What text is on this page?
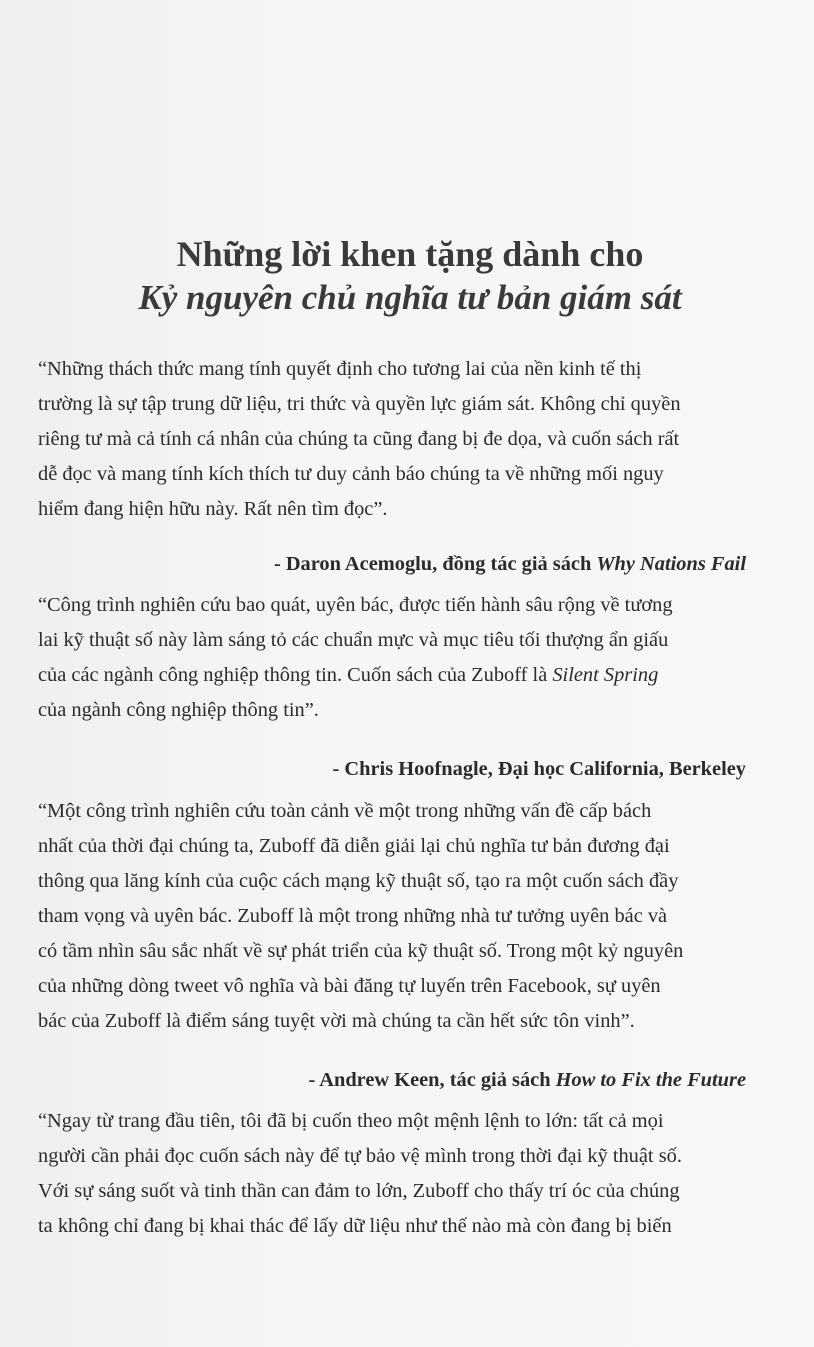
Những lời khen tặng dành cho
Kỷ nguyên chủ nghĩa tư bản giám sát
“Những thách thức mang tính quyết định cho tương lai của nền kinh tế thị
trường là sự tập trung dữ liệu, tri thức và quyền lực giám sát. Không chỉ quyền
riêng tư mà cả tính cá nhân của chúng ta cũng đang bị đe dọa, và cuốn sách rất
dễ đọc và mang tính kích thích tư duy cảnh báo chúng ta về những mối nguy
hiểm đang hiện hữu này. Rất nên tìm đọc”.
- Daron Acemoglu, đồng tác giả sách Why Nations Fail
“Công trình nghiên cứu bao quát, uyên bác, được tiến hành sâu rộng về tương
lai kỹ thuật số này làm sáng tỏ các chuẩn mực và mục tiêu tối thượng ẩn giấu
của các ngành công nghiệp thông tin. Cuốn sách của Zuboff là Silent Spring
của ngành công nghiệp thông tin”.
- Chris Hoofnagle, Đại học California, Berkeley
“Một công trình nghiên cứu toàn cảnh về một trong những vấn đề cấp bách
nhất của thời đại chúng ta, Zuboff đã diễn giải lại chủ nghĩa tư bản đương đại
thông qua lăng kính của cuộc cách mạng kỹ thuật số, tạo ra một cuốn sách đầy
tham vọng và uyên bác. Zuboff là một trong những nhà tư tưởng uyên bác và
có tầm nhìn sâu sắc nhất về sự phát triển của kỹ thuật số. Trong một kỷ nguyên
của những dòng tweet vô nghĩa và bài đăng tự luyến trên Facebook, sự uyên
bác của Zuboff là điểm sáng tuyệt vời mà chúng ta cần hết sức tôn vinh”.
- Andrew Keen, tác giả sách How to Fix the Future
“Ngay từ trang đầu tiên, tôi đã bị cuốn theo một mệnh lệnh to lớn: tất cả mọi
người cần phải đọc cuốn sách này để tự bảo vệ mình trong thời đại kỹ thuật số.
Với sự sáng suốt và tinh thần can đảm to lớn, Zuboff cho thấy trí óc của chúng
ta không chỉ đang bị khai thác để lấy dữ liệu như thế nào mà còn đang bị biến
